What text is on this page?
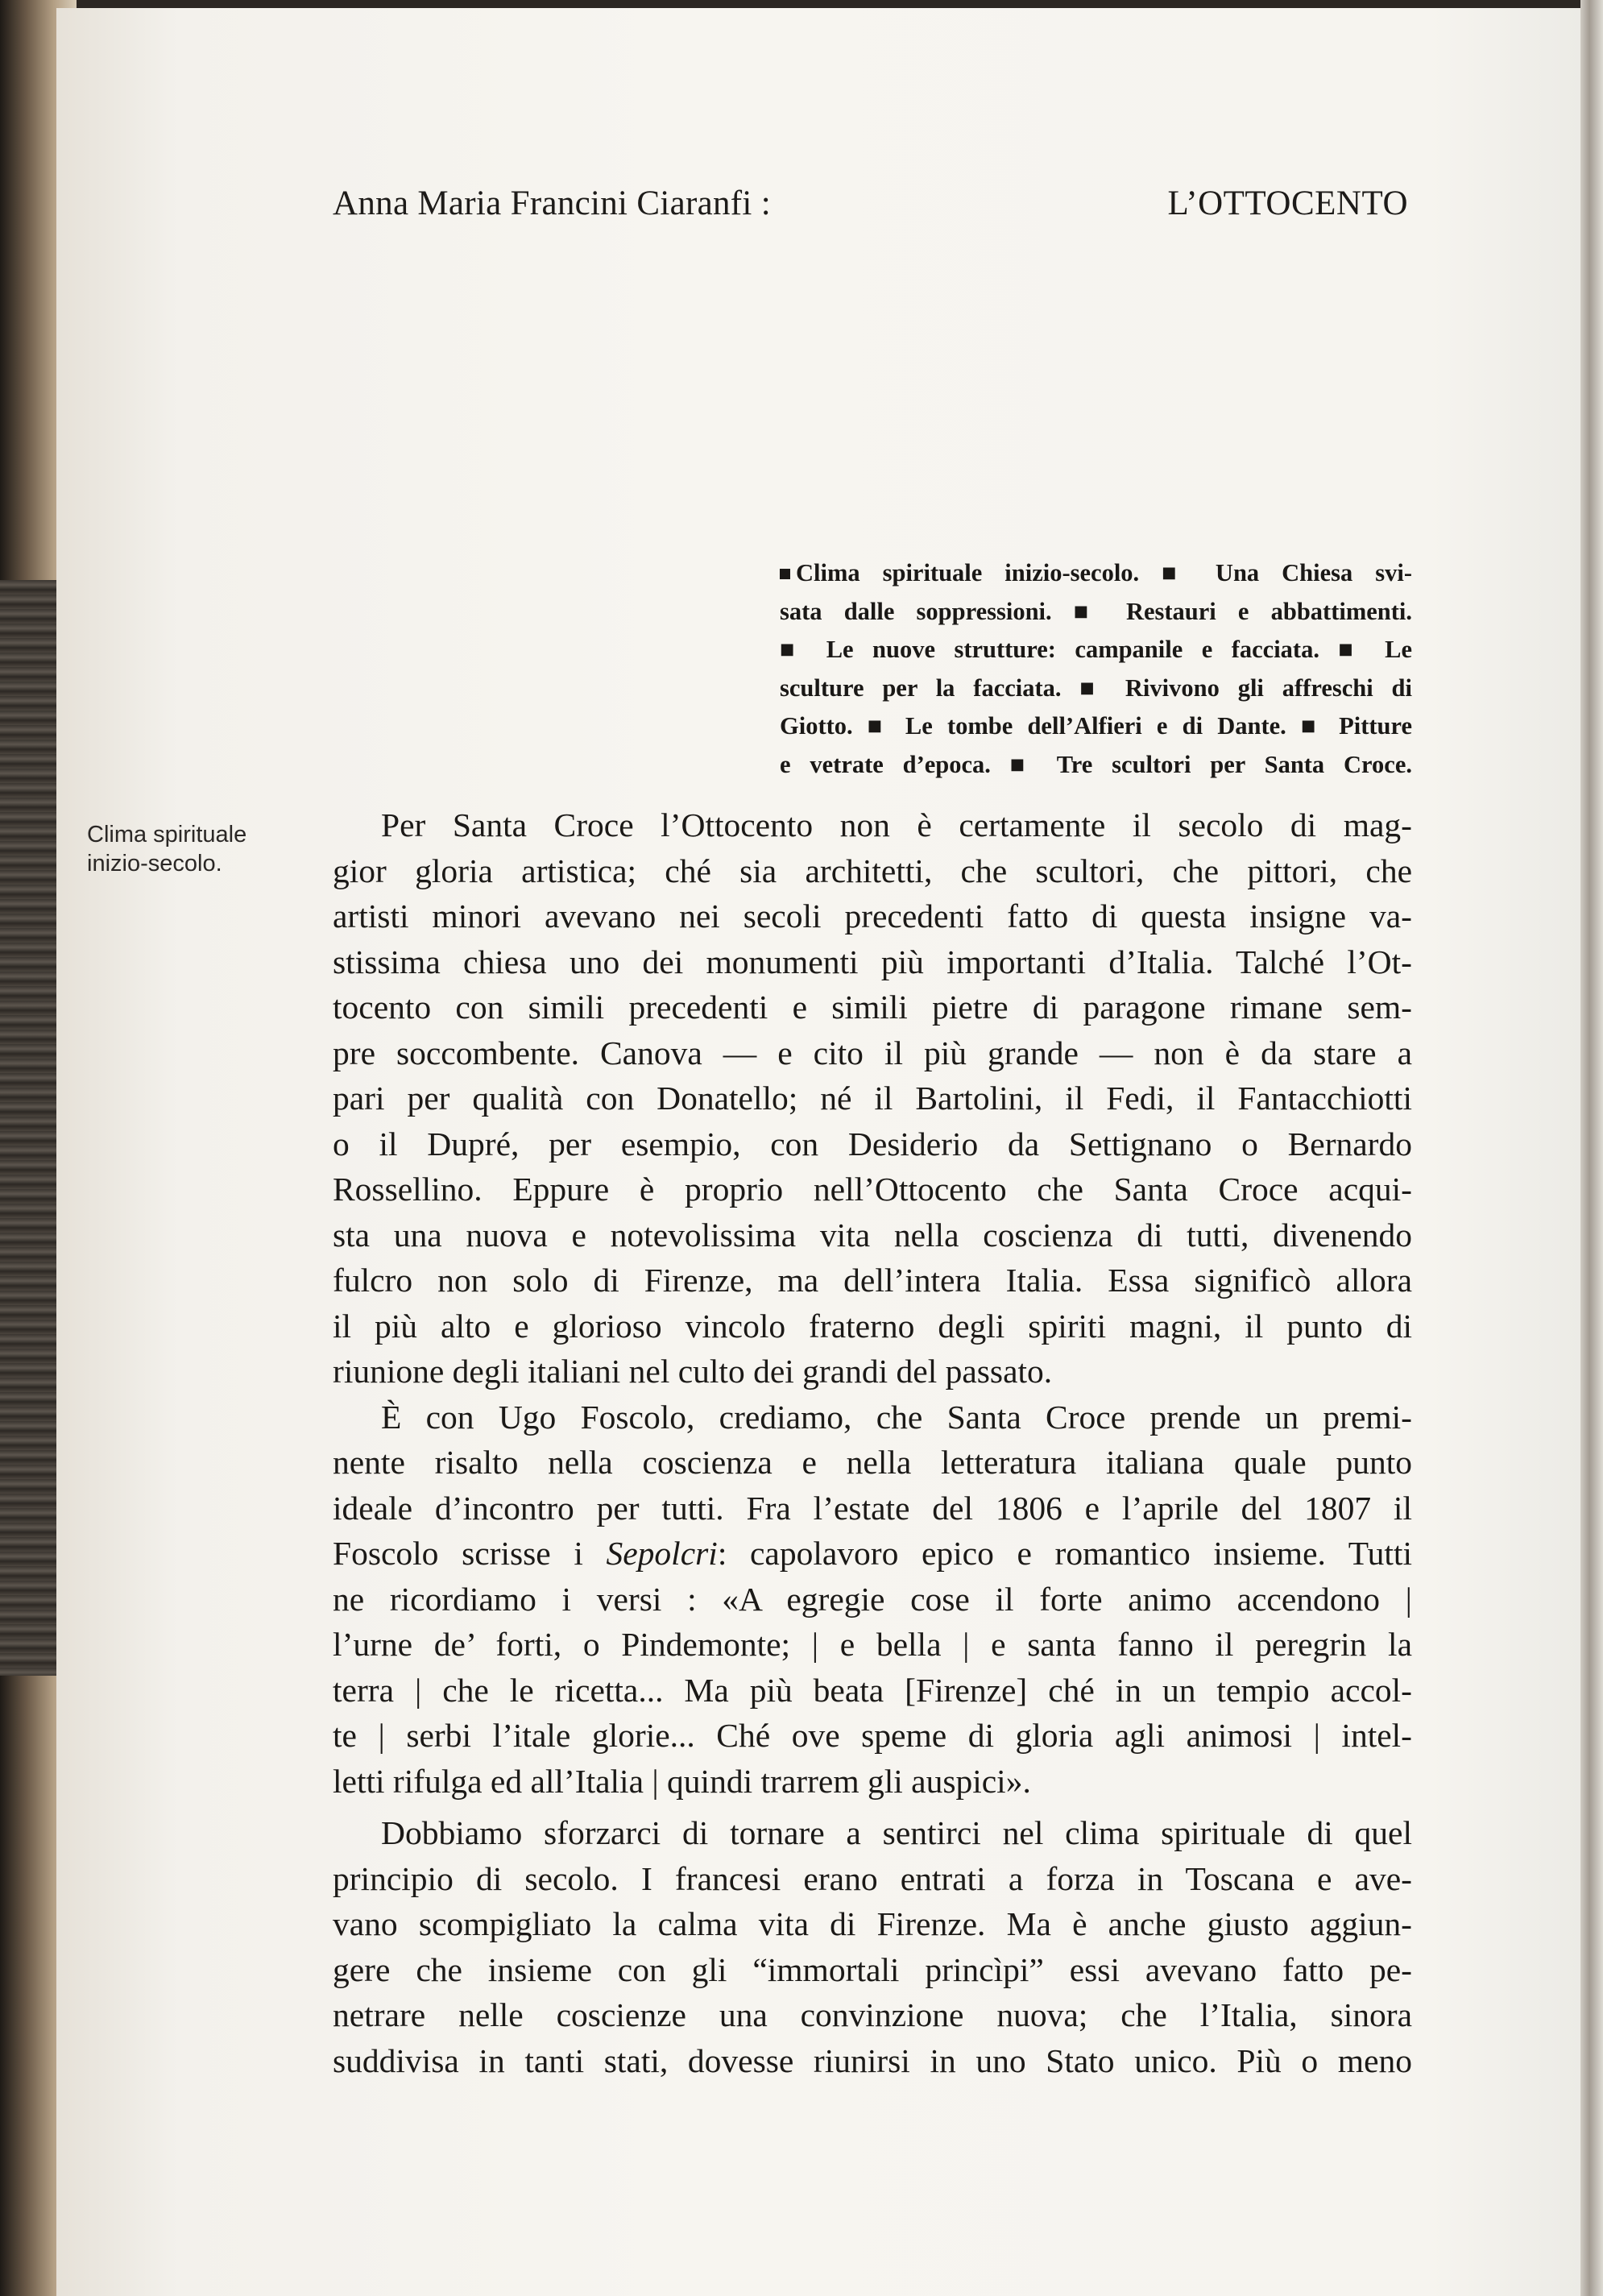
Anna Maria Francini Ciaranfi :	L’OTTOCENTO
Clima spirituale inizio-secolo. ■ Una Chiesa svi-
sata dalle soppressioni. ■ Restauri e abbattimenti.
■ Le nuove strutture: campanile e facciata. ■ Le
sculture per la facciata. ■ Rivivono gli affreschi di
Giotto. ■ Le tombe dell’Alfieri e di Dante. ■ Pitture
e vetrate d’epoca. ■ Tre scultori per Santa Croce.
Clima spirituale
inizio-secolo.
Per Santa Croce l’Ottocento non è certamente il secolo di mag-
gior gloria artistica; ché sia architetti, che scultori, che pittori, che
artisti minori avevano nei secoli precedenti fatto di questa insigne va-
stissima chiesa uno dei monumenti più importanti d’Italia. Talché l’Ot-
tocento con simili precedenti e simili pietre di paragone rimane sem-
pre soccombente. Canova — e cito il più grande — non è da stare a
pari per qualità con Donatello; né il Bartolini, il Fedi, il Fantacchiotti
o il Dupré, per esempio, con Desiderio da Settignano o Bernardo
Rossellino. Eppure è proprio nell’Ottocento che Santa Croce acqui-
sta una nuova e notevolissima vita nella coscienza di tutti, divenendo
fulcro non solo di Firenze, ma dell’intera Italia. Essa significò allora
il più alto e glorioso vincolo fraterno degli spiriti magni, il punto di
riunione degli italiani nel culto dei grandi del passato.
È con Ugo Foscolo, crediamo, che Santa Croce prende un premi-
nente risalto nella coscienza e nella letteratura italiana quale punto
ideale d’incontro per tutti. Fra l’estate del 1806 e l’aprile del 1807 il
Foscolo scrisse i Sepolcri: capolavoro epico e romantico insieme. Tutti
ne ricordiamo i versi : «A egregie cose il forte animo accendono |
l’urne de’ forti, o Pindemonte; | e bella | e santa fanno il peregrin la
terra | che le ricetta... Ma più beata [Firenze] ché in un tempio accol-
te | serbi l’itale glorie... Ché ove speme di gloria agli animosi | intel-
letti rifulga ed all’Italia | quindi trarrem gli auspici».
Dobbiamo sforzarci di tornare a sentirci nel clima spirituale di quel
principio di secolo. I francesi erano entrati a forza in Toscana e ave-
vano scompigliato la calma vita di Firenze. Ma è anche giusto aggiun-
gere che insieme con gli “immortali princìpi” essi avevano fatto pe-
netrare nelle coscienze una convinzione nuova; che l’Italia, sinora
suddivisa in tanti stati, dovesse riunirsi in uno Stato unico. Più o meno
